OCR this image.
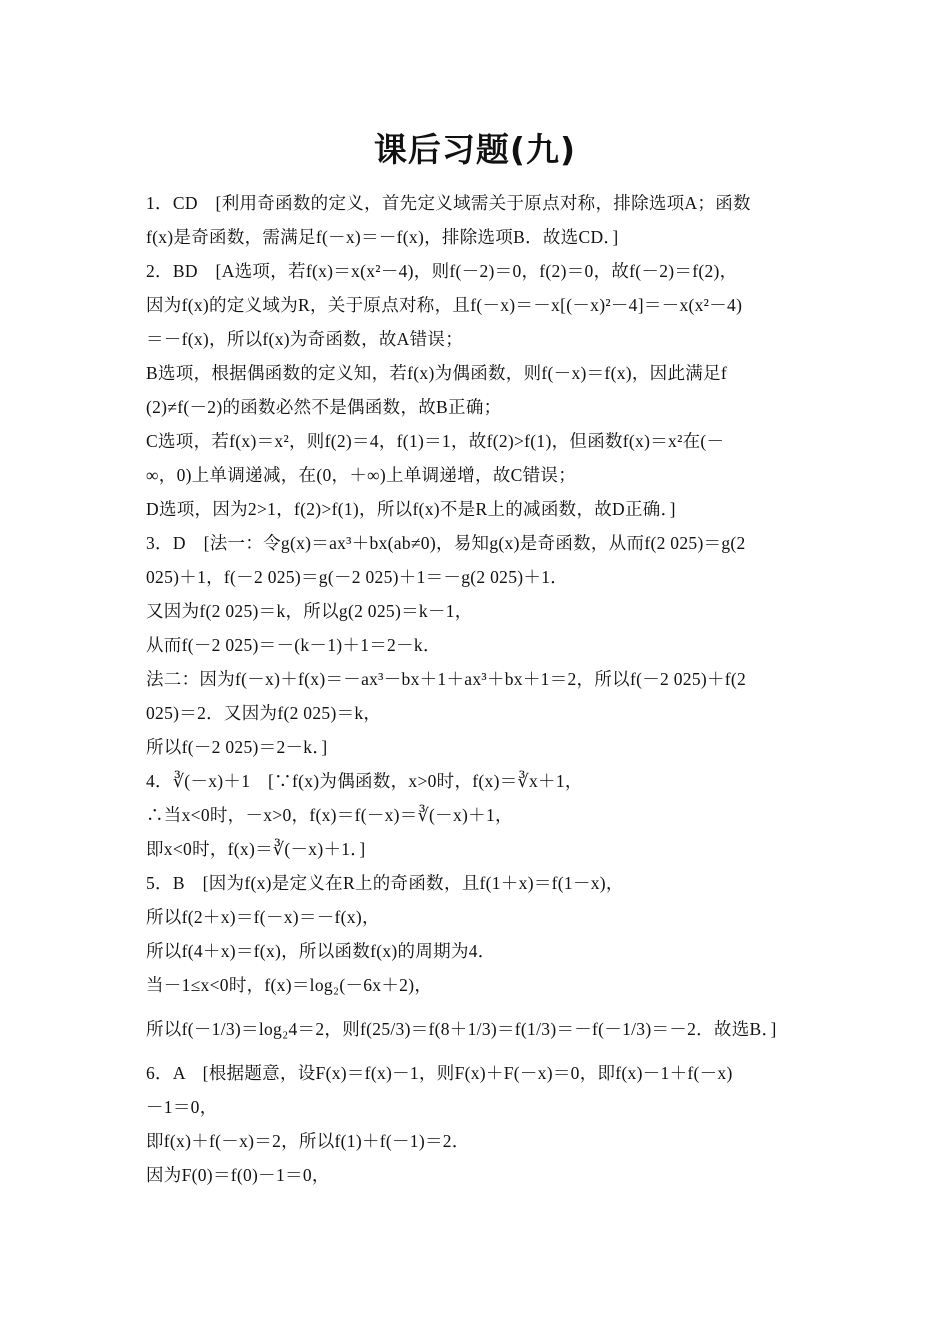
课后习题(九)
1．CD　[利用奇函数的定义，首先定义域需关于原点对称，排除选项A；函数
f(x)是奇函数，需满足f(－x)＝－f(x)，排除选项B．故选CD．]
2．BD　[A选项，若f(x)＝x(x²－4)，则f(－2)＝0，f(2)＝0，故f(－2)＝f(2)，
因为f(x)的定义域为R，关于原点对称，且f(－x)＝－x[(－x)²－4]＝－x(x²－4)
＝－f(x)，所以f(x)为奇函数，故A错误；
B选项，根据偶函数的定义知，若f(x)为偶函数，则f(－x)＝f(x)，因此满足f
(2)≠f(－2)的函数必然不是偶函数，故B正确；
C选项，若f(x)＝x²，则f(2)＝4，f(1)＝1，故f(2)>f(1)，但函数f(x)＝x²在(－
∞，0)上单调递减，在(0，＋∞)上单调递增，故C错误；
D选项，因为2>1，f(2)>f(1)，所以f(x)不是R上的减函数，故D正确．]
3．D　[法一：令g(x)＝ax³＋bx(ab≠0)，易知g(x)是奇函数，从而f(2 025)＝g(2
025)＋1，f(－2 025)＝g(－2 025)＋1＝－g(2 025)＋1．
又因为f(2 025)＝k，所以g(2 025)＝k－1，
从而f(－2 025)＝－(k－1)＋1＝2－k．
法二：因为f(－x)＋f(x)＝－ax³－bx＋1＋ax³＋bx＋1＝2，所以f(－2 025)＋f(2
025)＝2．又因为f(2 025)＝k，
所以f(－2 025)＝2－k．]
4．∛(－x)＋1　[∵f(x)为偶函数，x>0时，f(x)＝∛x＋1，
∴当x<0时，－x>0，f(x)＝f(－x)＝∛(－x)＋1，
即x<0时，f(x)＝∛(－x)＋1．]
5．B　[因为f(x)是定义在R上的奇函数，且f(1＋x)＝f(1－x)，
所以f(2＋x)＝f(－x)＝－f(x)，
所以f(4＋x)＝f(x)，所以函数f(x)的周期为4．
当－1≤x<0时，f(x)＝log₂(－6x＋2)，
所以f(－1/3)＝log₂4＝2，则f(25/3)＝f(8＋1/3)＝f(1/3)＝－f(－1/3)＝－2．故选B．]
6．A　[根据题意，设F(x)＝f(x)－1，则F(x)＋F(－x)＝0，即f(x)－1＋f(－x)
－1＝0，
即f(x)＋f(－x)＝2，所以f(1)＋f(－1)＝2．
因为F(0)＝f(0)－1＝0，
